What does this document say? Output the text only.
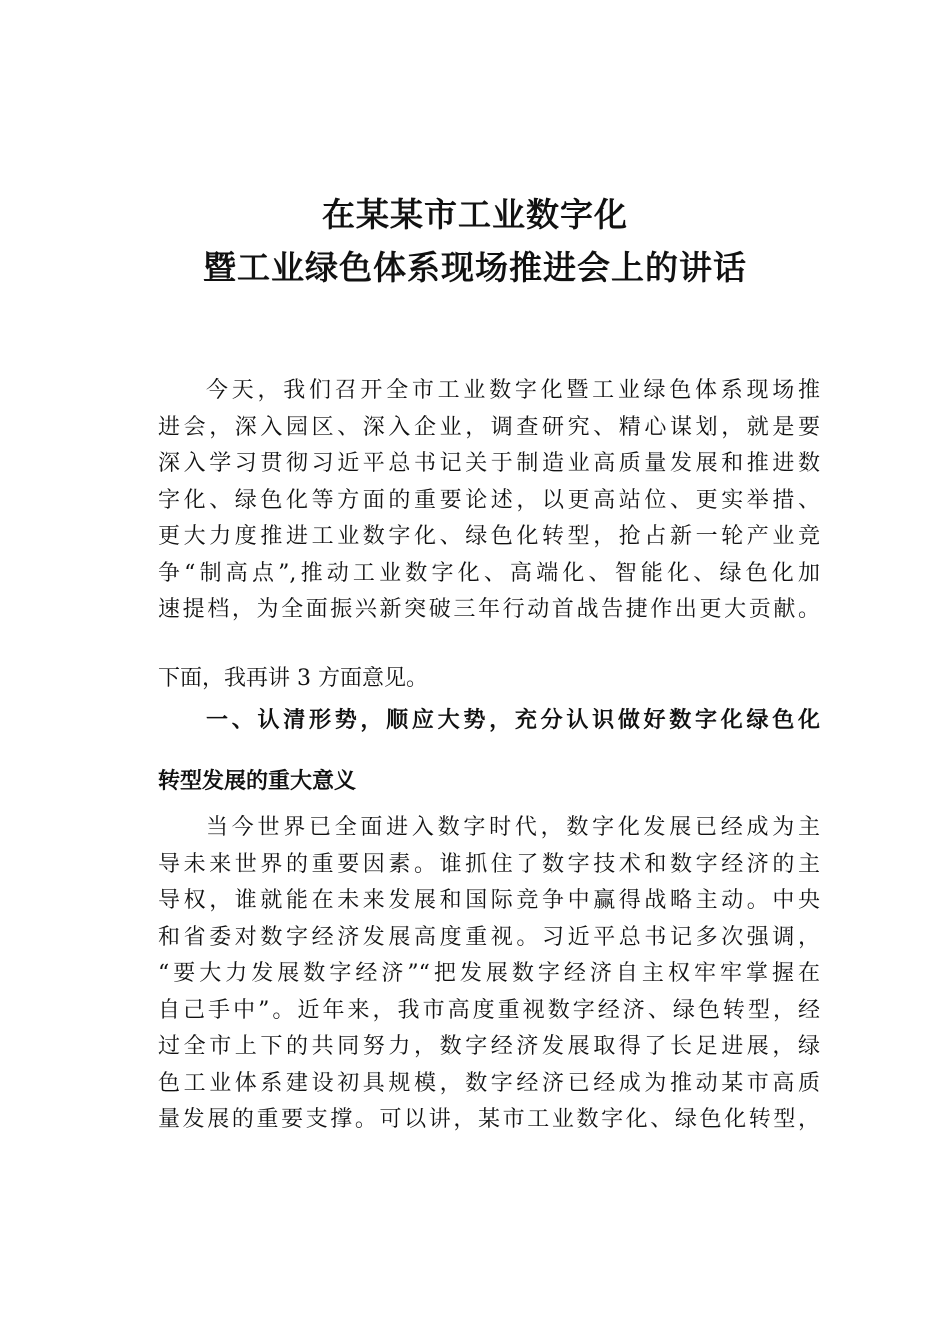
在某某市工业数字化
暨工业绿色体系现场推进会上的讲话
今天，我们召开全市工业数字化暨工业绿色体系现场推
进会，深入园区、深入企业，调查研究、精心谋划，就是要
深入学习贯彻习近平总书记关于制造业高质量发展和推进数
字化、绿色化等方面的重要论述，以更高站位、更实举措、
更大力度推进工业数字化、绿色化转型，抢占新一轮产业竞
争“制高点”,推动工业数字化、高端化、智能化、绿色化加
速提档，为全面振兴新突破三年行动首战告捷作出更大贡献。
下面，我再讲 3 方面意见。
一、认清形势，顺应大势，充分认识做好数字化绿色化
转型发展的重大意义
当今世界已全面进入数字时代，数字化发展已经成为主
导未来世界的重要因素。谁抓住了数字技术和数字经济的主
导权，谁就能在未来发展和国际竞争中赢得战略主动。中央
和省委对数字经济发展高度重视。习近平总书记多次强调，
“要大力发展数字经济”“把发展数字经济自主权牢牢掌握在
自己手中”。近年来，我市高度重视数字经济、绿色转型，经
过全市上下的共同努力，数字经济发展取得了长足进展，绿
色工业体系建设初具规模，数字经济已经成为推动某市高质
量发展的重要支撑。可以讲，某市工业数字化、绿色化转型，
